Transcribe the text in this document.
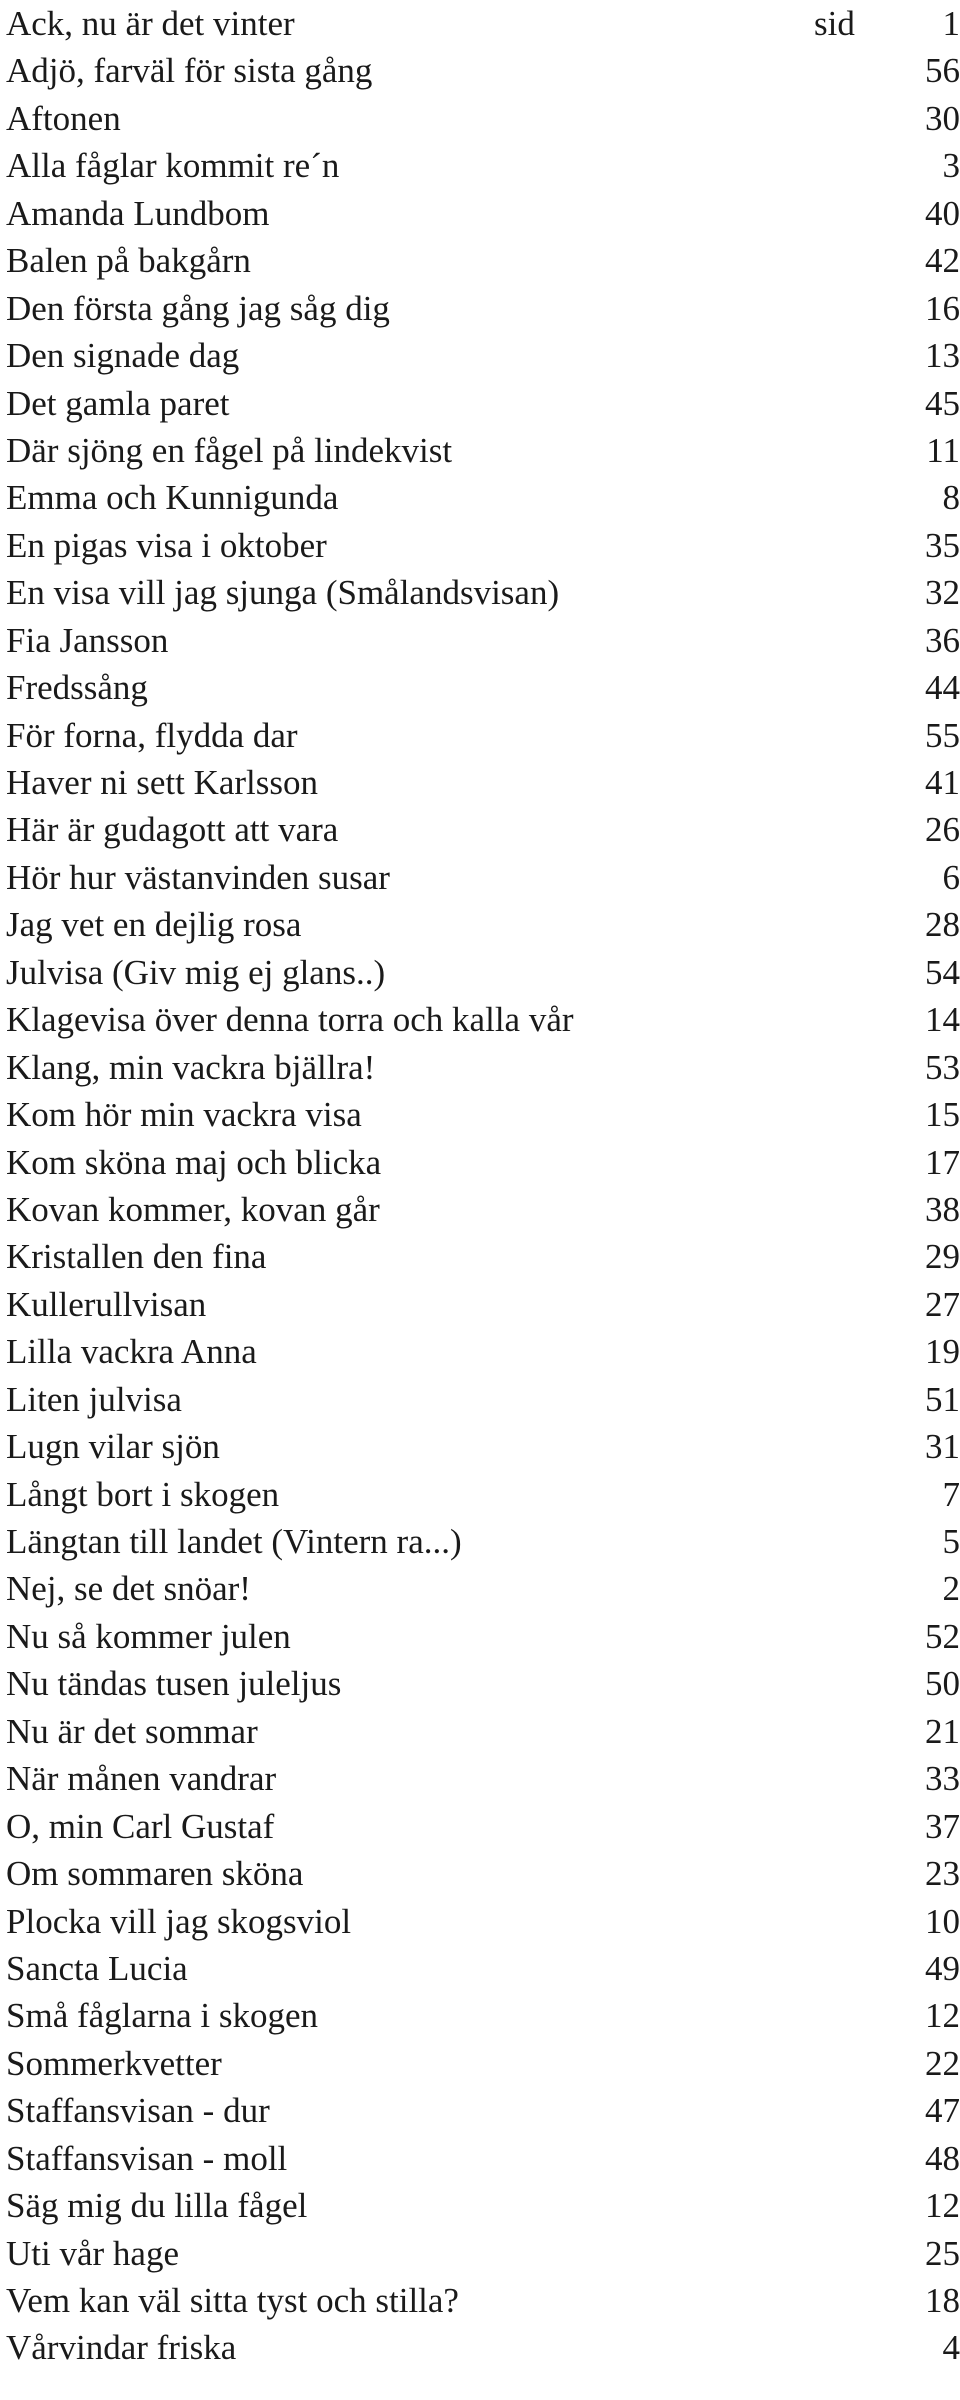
Ack, nu är det vinter	sid	1
Adjö, farväl för sista gång	56
Aftonen	30
Alla fåglar kommit re´n	3
Amanda Lundbom	40
Balen på bakgårn	42
Den första gång jag såg dig	16
Den signade dag	13
Det gamla paret	45
Där sjöng en fågel på lindekvist	11
Emma och Kunnigunda	8
En pigas visa i oktober	35
En visa vill jag sjunga (Smålandsvisan)	32
Fia Jansson	36
Fredssång	44
För forna, flydda dar	55
Haver ni sett Karlsson	41
Här är gudagott att vara	26
Hör hur västanvinden susar	6
Jag vet en dejlig rosa	28
Julvisa (Giv mig ej glans..)	54
Klagevisa över denna torra och kalla vår	14
Klang, min vackra bjällra!	53
Kom hör min vackra visa	15
Kom sköna maj och blicka	17
Kovan kommer, kovan går	38
Kristallen den fina	29
Kullerullvisan	27
Lilla vackra Anna	19
Liten julvisa	51
Lugn vilar sjön	31
Långt bort i skogen	7
Längtan till landet (Vintern ra...)	5
Nej, se det snöar!	2
Nu så kommer julen	52
Nu tändas tusen juleljus	50
Nu är det sommar	21
När månen vandrar	33
O, min Carl Gustaf	37
Om sommaren sköna	23
Plocka vill jag skogsviol	10
Sancta Lucia	49
Små fåglarna i skogen	12
Sommerkvetter	22
Staffansvisan - dur	47
Staffansvisan - moll	48
Säg mig du lilla fågel	12
Uti vår hage	25
Vem kan väl sitta tyst och stilla?	18
Vårvindar friska	4
